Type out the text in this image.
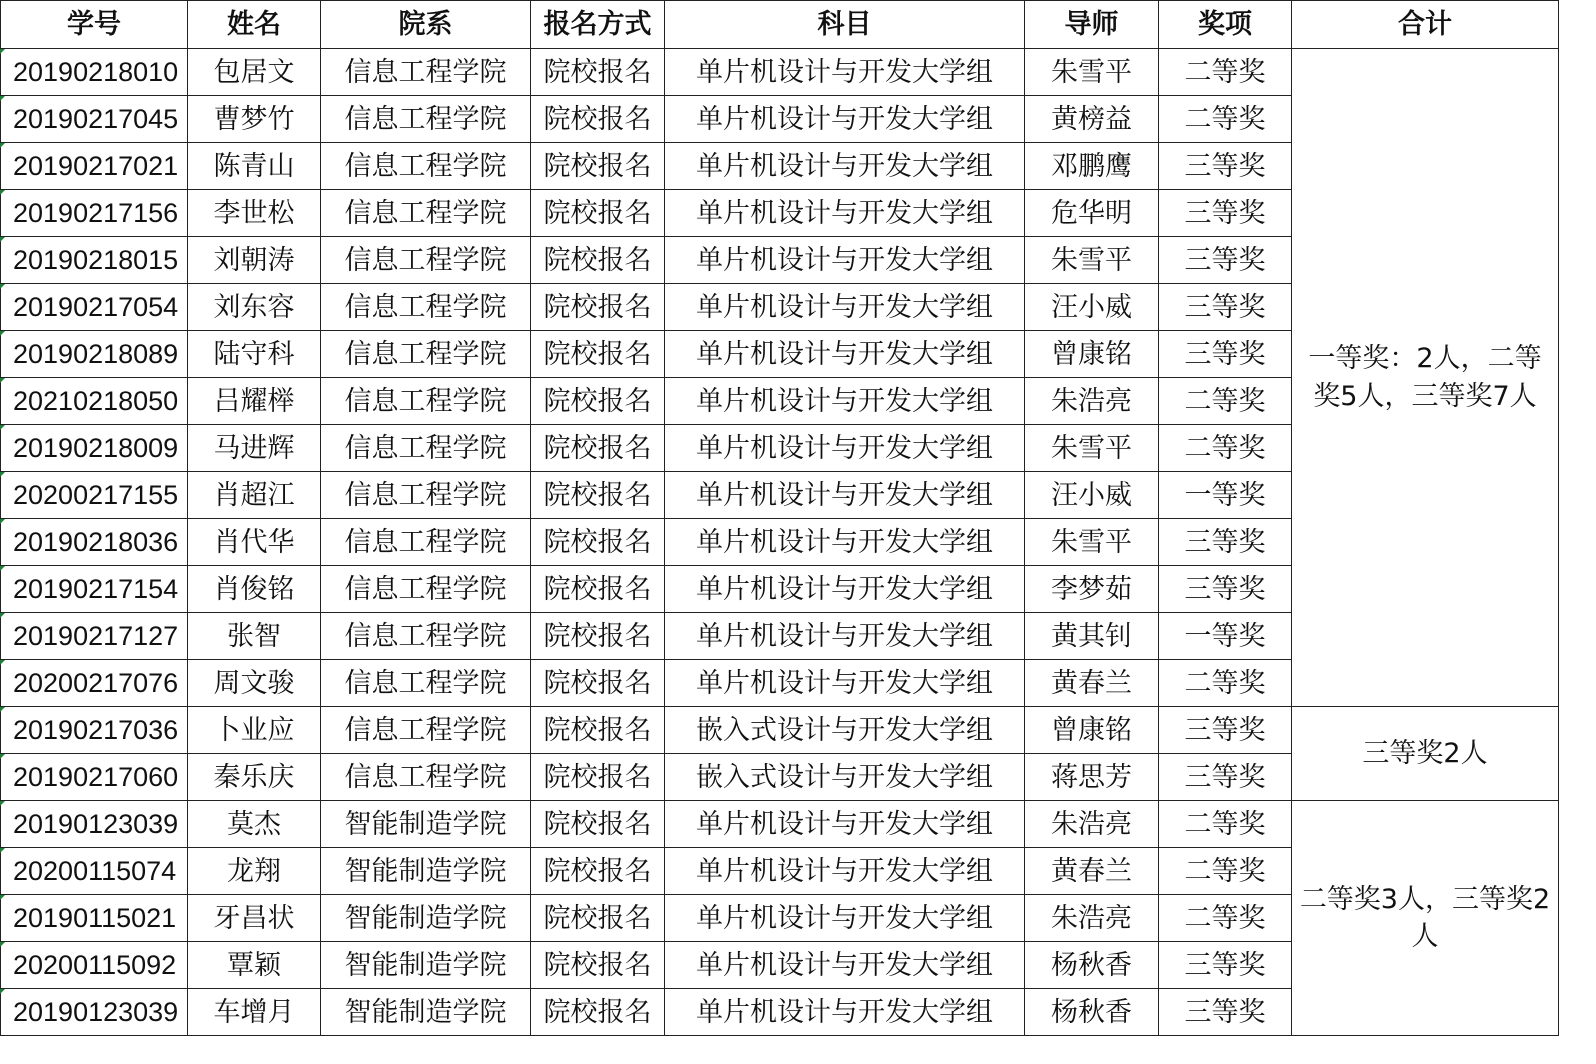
学号	姓名	院系	报名方式	科目	导师	奖项	合计
20190218010	包居文	信息工程学院	院校报名	单片机设计与开发大学组	朱雪平	二等奖	一等奖：2人，二等奖5人，三等奖7人
20190217045	曹梦竹	信息工程学院	院校报名	单片机设计与开发大学组	黄榜益	二等奖	
20190217021	陈青山	信息工程学院	院校报名	单片机设计与开发大学组	邓鹏鹰	三等奖	
20190217156	李世松	信息工程学院	院校报名	单片机设计与开发大学组	危华明	三等奖	
20190218015	刘朝涛	信息工程学院	院校报名	单片机设计与开发大学组	朱雪平	三等奖	
20190217054	刘东容	信息工程学院	院校报名	单片机设计与开发大学组	汪小威	三等奖	
20190218089	陆守科	信息工程学院	院校报名	单片机设计与开发大学组	曾康铭	三等奖	
20210218050	吕耀榉	信息工程学院	院校报名	单片机设计与开发大学组	朱浩亮	二等奖	
20190218009	马进辉	信息工程学院	院校报名	单片机设计与开发大学组	朱雪平	二等奖	
20200217155	肖超江	信息工程学院	院校报名	单片机设计与开发大学组	汪小威	一等奖	
20190218036	肖代华	信息工程学院	院校报名	单片机设计与开发大学组	朱雪平	三等奖	
20190217154	肖俊铭	信息工程学院	院校报名	单片机设计与开发大学组	李梦茹	三等奖	
20190217127	张智	信息工程学院	院校报名	单片机设计与开发大学组	黄其钊	一等奖	
20200217076	周文骏	信息工程学院	院校报名	单片机设计与开发大学组	黄春兰	二等奖	
20190217036	卜业应	信息工程学院	院校报名	嵌入式设计与开发大学组	曾康铭	三等奖	三等奖2人
20190217060	秦乐庆	信息工程学院	院校报名	嵌入式设计与开发大学组	蒋思芳	三等奖	
20190123039	莫杰	智能制造学院	院校报名	单片机设计与开发大学组	朱浩亮	二等奖	二等奖3人，三等奖2人
20200115074	龙翔	智能制造学院	院校报名	单片机设计与开发大学组	黄春兰	二等奖	
20190115021	牙昌状	智能制造学院	院校报名	单片机设计与开发大学组	朱浩亮	二等奖	
20200115092	覃颖	智能制造学院	院校报名	单片机设计与开发大学组	杨秋香	三等奖	
20190123039	车增月	智能制造学院	院校报名	单片机设计与开发大学组	杨秋香	三等奖	
